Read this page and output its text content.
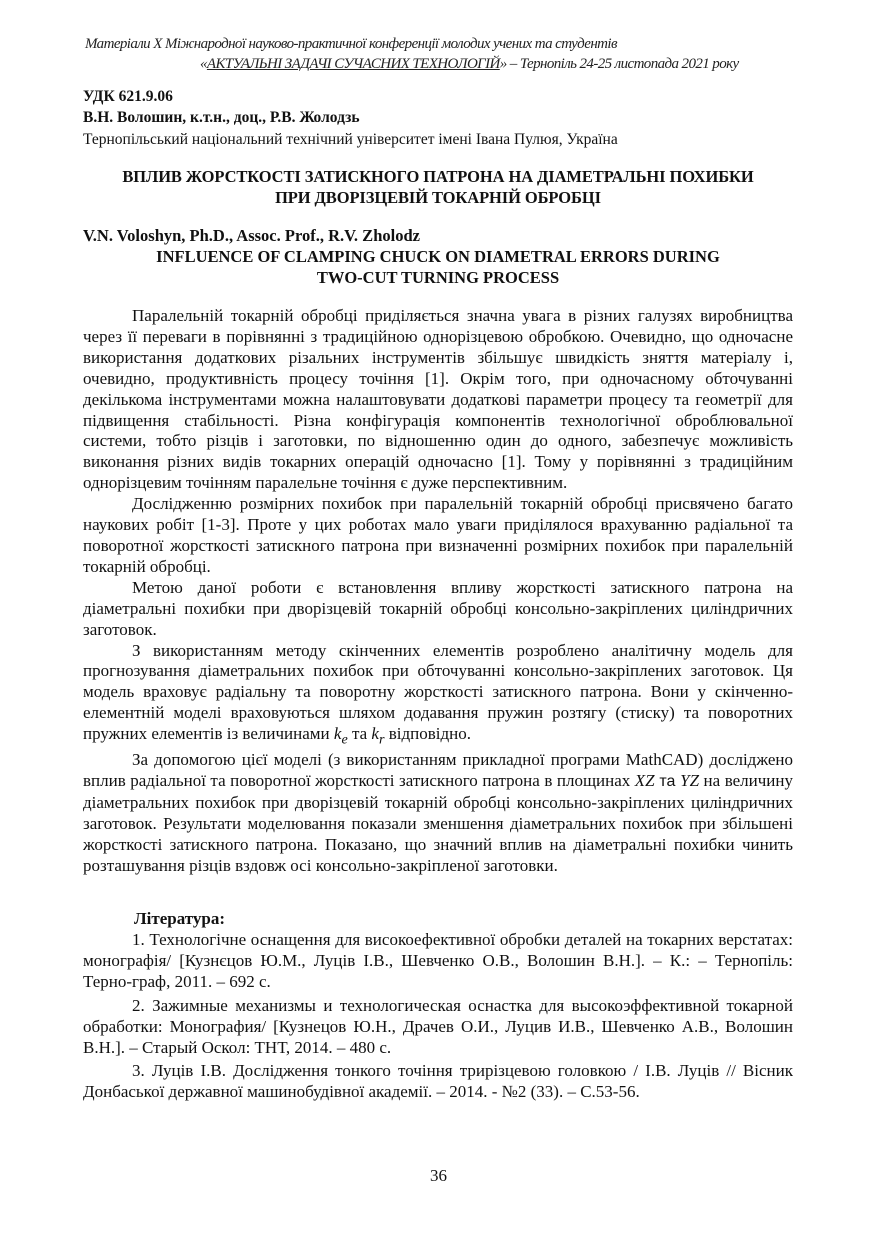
Матеріали X Міжнародної науково-практичної конференції молодих учених та студентів
«АКТУАЛЬНІ ЗАДАЧІ СУЧАСНИХ ТЕХНОЛОГІЙ» – Тернопіль 24-25 листопада 2021 року
УДК 621.9.06
В.Н. Волошин, к.т.н., доц., Р.В. Жолодзь
Тернопільський національний технічний університет імені Івана Пулюя, Україна
ВПЛИВ ЖОРСТКОСТІ ЗАТИСКНОГО ПАТРОНА НА ДІАМЕТРАЛЬНІ ПОХИБКИ
ПРИ ДВОРІЗЦЕВІЙ ТОКАРНІЙ ОБРОБЦІ
V.N. Voloshyn, Ph.D., Assoc. Prof., R.V. Zholodz
INFLUENCE OF CLAMPING CHUCK ON DIAMETRAL ERRORS DURING
TWO-CUT TURNING PROCESS

Паралельній токарній обробці приділяється значна увага в різних галузях виробництва через її переваги в порівнянні з традиційною однорізцевою обробкою. Очевидно, що одночасне використання додаткових різальних інструментів збільшує швидкість зняття матеріалу і, очевидно, продуктивність процесу точіння [1]. Окрім того, при одночасному обточуванні декількома інструментами можна налаштовувати додаткові параметри процесу та геометрії для підвищення стабільності. Різна конфігурація компонентів технологічної оброблювальної системи, тобто різців і заготовки, по відношенню один до одного, забезпечує можливість виконання різних видів токарних операцій одночасно [1]. Тому у порівнянні з традиційним однорізцевим точінням паралельне точіння є дуже перспективним.

Дослідженню розмірних похибок при паралельній токарній обробці присвячено багато наукових робіт [1-3]. Проте у цих роботах мало уваги приділялося врахуванню радіальної та поворотної жорсткості затискного патрона при визначенні розмірних похибок при паралельній токарній обробці.

Метою даної роботи є встановлення впливу жорсткості затискного патрона на діаметральні похибки при дворізцевій токарній обробці консольно-закріплених циліндричних заготовок.

З використанням методу скінченних елементів розроблено аналітичну модель для прогнозування діаметральних похибок при обточуванні консольно-закріплених заготовок. Ця модель враховує радіальну та поворотну жорсткості затискного патрона. Вони у скінченно-елементній моделі враховуються шляхом додавання пружин розтягу (стиску) та поворотних пружних елементів із величинами $k_e$ та $k_r$ відповідно.

За допомогою цієї моделі (з використанням прикладної програми MathCAD) досліджено вплив радіальної та поворотної жорсткості затискного патрона в площинах XZ та YZ на величину діаметральних похибок при дворізцевій токарній обробці консольно-закріплених циліндричних заготовок. Результати моделювання показали зменшення діаметральних похибок при збільшені жорсткості затискного патрона. Показано, що значний вплив на діаметральні похибки чинить розташування різців вздовж осі консольно-закріпленої заготовки.

Література:

1. Технологічне оснащення для високоефективної обробки деталей на токарних верстатах: монографія/ [Кузнєцов Ю.М., Луців І.В., Шевченко О.В., Волошин В.Н.]. – К.: – Тернопіль: Терно-граф, 2011. – 692 с.

2. Зажимные механизмы и технологическая оснастка для высокоэффективной токарной обработки: Монография/ [Кузнецов Ю.Н., Драчев О.И., Луцив И.В., Шевченко А.В., Волошин В.Н.]. – Старый Оскол: ТНТ, 2014. – 480 с.

3. Луців І.В. Дослідження тонкого точіння трирізцевою головкою / І.В. Луців // Вісник Донбаської державної машинобудівної академії. – 2014. - №2 (33). – С.53-56.

36
